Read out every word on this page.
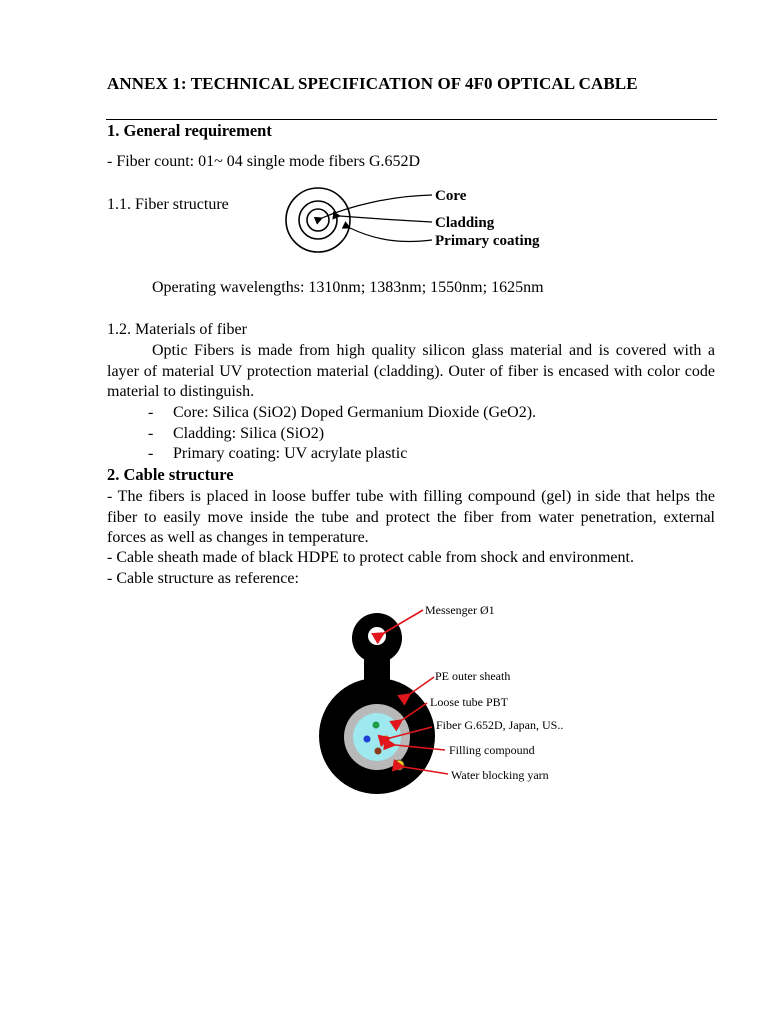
ANNEX 1: TECHNICAL SPECIFICATION OF 4F0 OPTICAL CABLE
1. General requirement
- Fiber count: 01~ 04 single mode fibers G.652D
1.1. Fiber structure	Core
Cladding
Primary coating
Operating wavelengths: 1310nm; 1383nm; 1550nm; 1625nm
1.2. Materials of fiber
Optic Fibers is made from high quality silicon glass material and is covered with a layer of material UV protection material (cladding). Outer of fiber is encased with color code material to distinguish.
- Core: Silica (SiO2) Doped Germanium Dioxide (GeO2).
- Cladding: Silica (SiO2)
- Primary coating: UV acrylate plastic
2. Cable structure
- The fibers is placed in loose buffer tube with filling compound (gel) in side that helps the fiber to easily move inside the tube and protect the fiber from water penetration, external forces as well as changes in temperature.
- Cable sheath made of black HDPE to protect cable from shock and environment.
- Cable structure as reference:
Messenger Ø1
PE outer sheath
Loose tube PBT
Fiber G.652D, Japan, US..
Filling compound
Water blocking yarn
